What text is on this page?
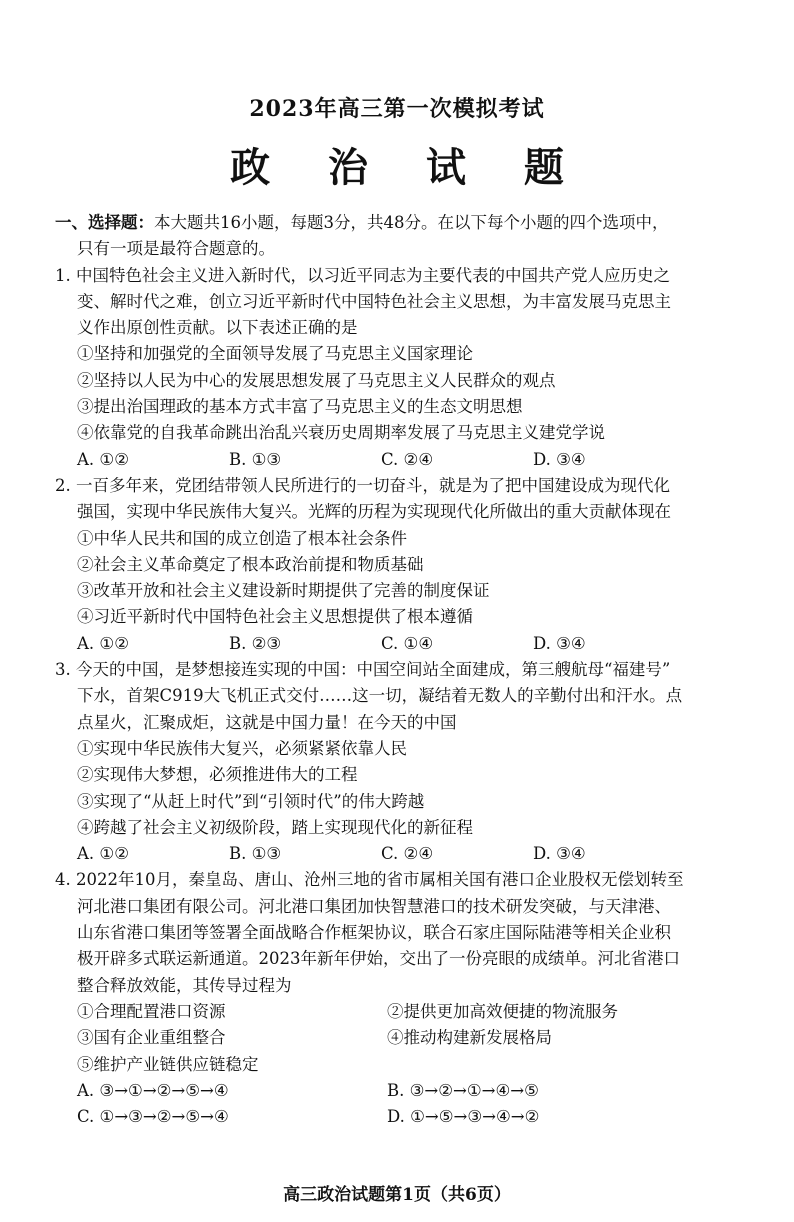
2023年高三第一次模拟考试
政 治 试 题
一、选择题：本大题共16小题，每题3分，共48分。在以下每个小题的四个选项中，
只有一项是最符合题意的。
1. 中国特色社会主义进入新时代，以习近平同志为主要代表的中国共产党人应历史之
变、解时代之难，创立习近平新时代中国特色社会主义思想，为丰富发展马克思主
义作出原创性贡献。以下表述正确的是
①坚持和加强党的全面领导发展了马克思主义国家理论
②坚持以人民为中心的发展思想发展了马克思主义人民群众的观点
③提出治国理政的基本方式丰富了马克思主义的生态文明思想
④依靠党的自我革命跳出治乱兴衰历史周期率发展了马克思主义建党学说
A. ①②	B. ①③	C. ②④	D. ③④
2. 一百多年来，党团结带领人民所进行的一切奋斗，就是为了把中国建设成为现代化
强国，实现中华民族伟大复兴。光辉的历程为实现现代化所做出的重大贡献体现在
①中华人民共和国的成立创造了根本社会条件
②社会主义革命奠定了根本政治前提和物质基础
③改革开放和社会主义建设新时期提供了完善的制度保证
④习近平新时代中国特色社会主义思想提供了根本遵循
A. ①②	B. ②③	C. ①④	D. ③④
3. 今天的中国，是梦想接连实现的中国：中国空间站全面建成，第三艘航母“福建号”
下水，首架C919大飞机正式交付……这一切，凝结着无数人的辛勤付出和汗水。点
点星火，汇聚成炬，这就是中国力量！在今天的中国
①实现中华民族伟大复兴，必须紧紧依靠人民
②实现伟大梦想，必须推进伟大的工程
③实现了“从赶上时代”到“引领时代”的伟大跨越
④跨越了社会主义初级阶段，踏上实现现代化的新征程
A. ①②	B. ①③	C. ②④	D. ③④
4. 2022年10月，秦皇岛、唐山、沧州三地的省市属相关国有港口企业股权无偿划转至
河北港口集团有限公司。河北港口集团加快智慧港口的技术研发突破，与天津港、
山东省港口集团等签署全面战略合作框架协议，联合石家庄国际陆港等相关企业积
极开辟多式联运新通道。2023年新年伊始，交出了一份亮眼的成绩单。河北省港口
整合释放效能，其传导过程为
①合理配置港口资源	②提供更加高效便捷的物流服务
③国有企业重组整合	④推动构建新发展格局
⑤维护产业链供应链稳定
A. ③→①→②→⑤→④	B. ③→②→①→④→⑤
C. ①→③→②→⑤→④	D. ①→⑤→③→④→②
高三政治试题第1页（共6页）
